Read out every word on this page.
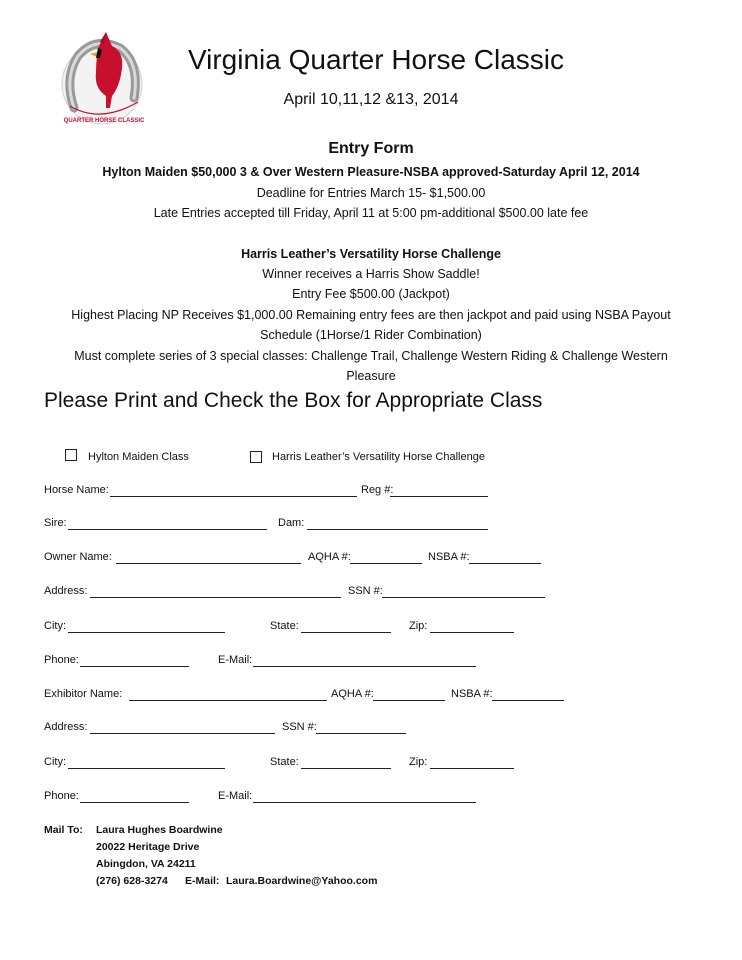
QUARTER HORSE CLASSIC
Virginia Quarter Horse Classic
April 10,11,12 &13, 2014
Entry Form
Hylton Maiden $50,000 3 & Over Western Pleasure-NSBA approved-Saturday April 12, 2014
Deadline for Entries March 15- $1,500.00
Late Entries accepted till Friday, April 11 at 5:00 pm-additional $500.00 late fee
Harris Leather’s Versatility Horse Challenge
Winner receives a Harris Show Saddle!
Entry Fee $500.00 (Jackpot)
Highest Placing NP Receives $1,000.00 Remaining entry fees are then jackpot and paid using NSBA Payout
Schedule (1Horse/1 Rider Combination)
Must complete series of 3 special classes: Challenge Trail, Challenge Western Riding & Challenge Western
Pleasure
Please Print and Check the Box for Appropriate Class
Hylton Maiden Class	Harris Leather’s Versatility Horse Challenge
Horse Name:	Reg #:
Sire:	Dam:
Owner Name:	AQHA #:	NSBA #:
Address:	SSN #:
City:	State:	Zip:
Phone:	E-Mail:
Exhibitor Name:	AQHA #:	NSBA #:
Address:	SSN #:
City:	State:	Zip:
Phone:	E-Mail:
Mail To: Laura Hughes Boardwine
20022 Heritage Drive
Abingdon, VA 24211
(276) 628-3274 E-Mail: Laura.Boardwine@Yahoo.com
